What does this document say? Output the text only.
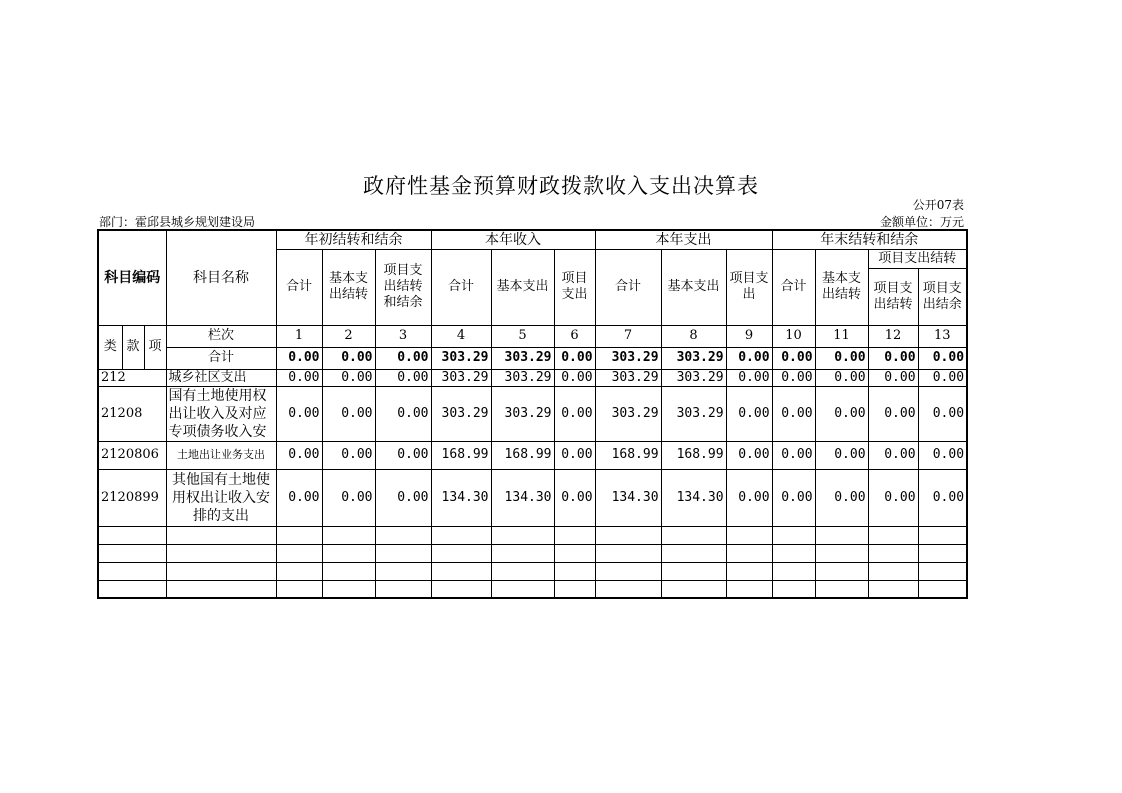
政府性基金预算财政拨款收入支出决算表
公开07表
部门：霍邱县城乡规划建设局	金额单位：万元
科目编码			科目名称	年初结转和结余			本年收入			本年支出			年末结转和结余			
				合计	基本支出结转	项目支出结转和结余	合计	基本支出	项目支出	合计	基本支出	项目支出	合计	基本支出结转	项目支出结转	
															项目支出结转	项目支出结余
类	款	项	栏次	1	2	3	4	5	6	7	8	9	10	11	12	13
			合计	0.00	0.00	0.00	303.29	303.29	0.00	303.29	303.29	0.00	0.00	0.00	0.00	0.00
212			城乡社区支出	0.00	0.00	0.00	303.29	303.29	0.00	303.29	303.29	0.00	0.00	0.00	0.00	0.00
21208			国有土地使用权出让收入及对应专项债务收入安	0.00	0.00	0.00	303.29	303.29	0.00	303.29	303.29	0.00	0.00	0.00	0.00	0.00
2120806			土地出让业务支出	0.00	0.00	0.00	168.99	168.99	0.00	168.99	168.99	0.00	0.00	0.00	0.00	0.00
2120899			其他国有土地使用权出让收入安排的支出	0.00	0.00	0.00	134.30	134.30	0.00	134.30	134.30	0.00	0.00	0.00	0.00	0.00
